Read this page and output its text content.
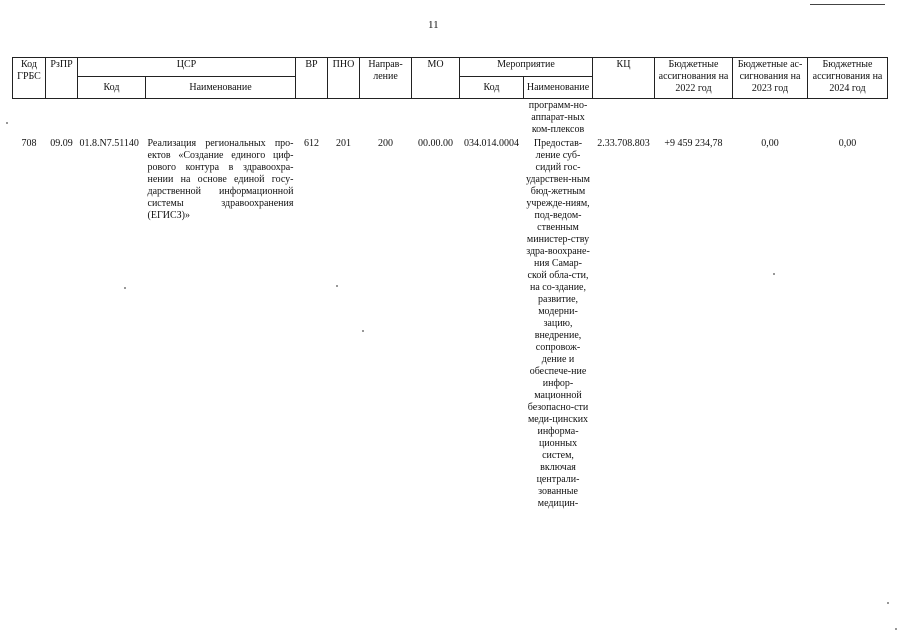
11
Код ГРБС	РзПР	ЦСР		ВР	ПНО	Направ-ление	МО	Мероприятие		КЦ	Бюджетные ассигнования на 2022 год	Бюджетные ас-сигнования на 2023 год	Бюджетные ассигнования на 2024 год
		Код	Наименование					Код	Наименование				
									программ-но-аппарат-ных ком-плексов				
708	09.09	01.8.N7.51140	Реализация региональных про-ектов «Создание единого циф-рового контура в здравоохра-нении на основе единой госу-дарственной информационной системы здравоохранения (ЕГИСЗ)»	612	201	200	00.00.00	034.014.0004	Предостав-ление суб-сидий гос-ударствен-ным бюд-жетным учрежде-ниям, под-ведом-ственным министер-ству здра-воохране-ния Самар-ской обла-сти, на со-здание, развитие, модерни-зацию, внедрение, сопровож-дение и обеспече-ние инфор-мационной безопасно-сти меди-цинских информа-ционных систем, включая централи-зованные медицин-	2.33.708.803	+9 459 234,78	0,00	0,00
